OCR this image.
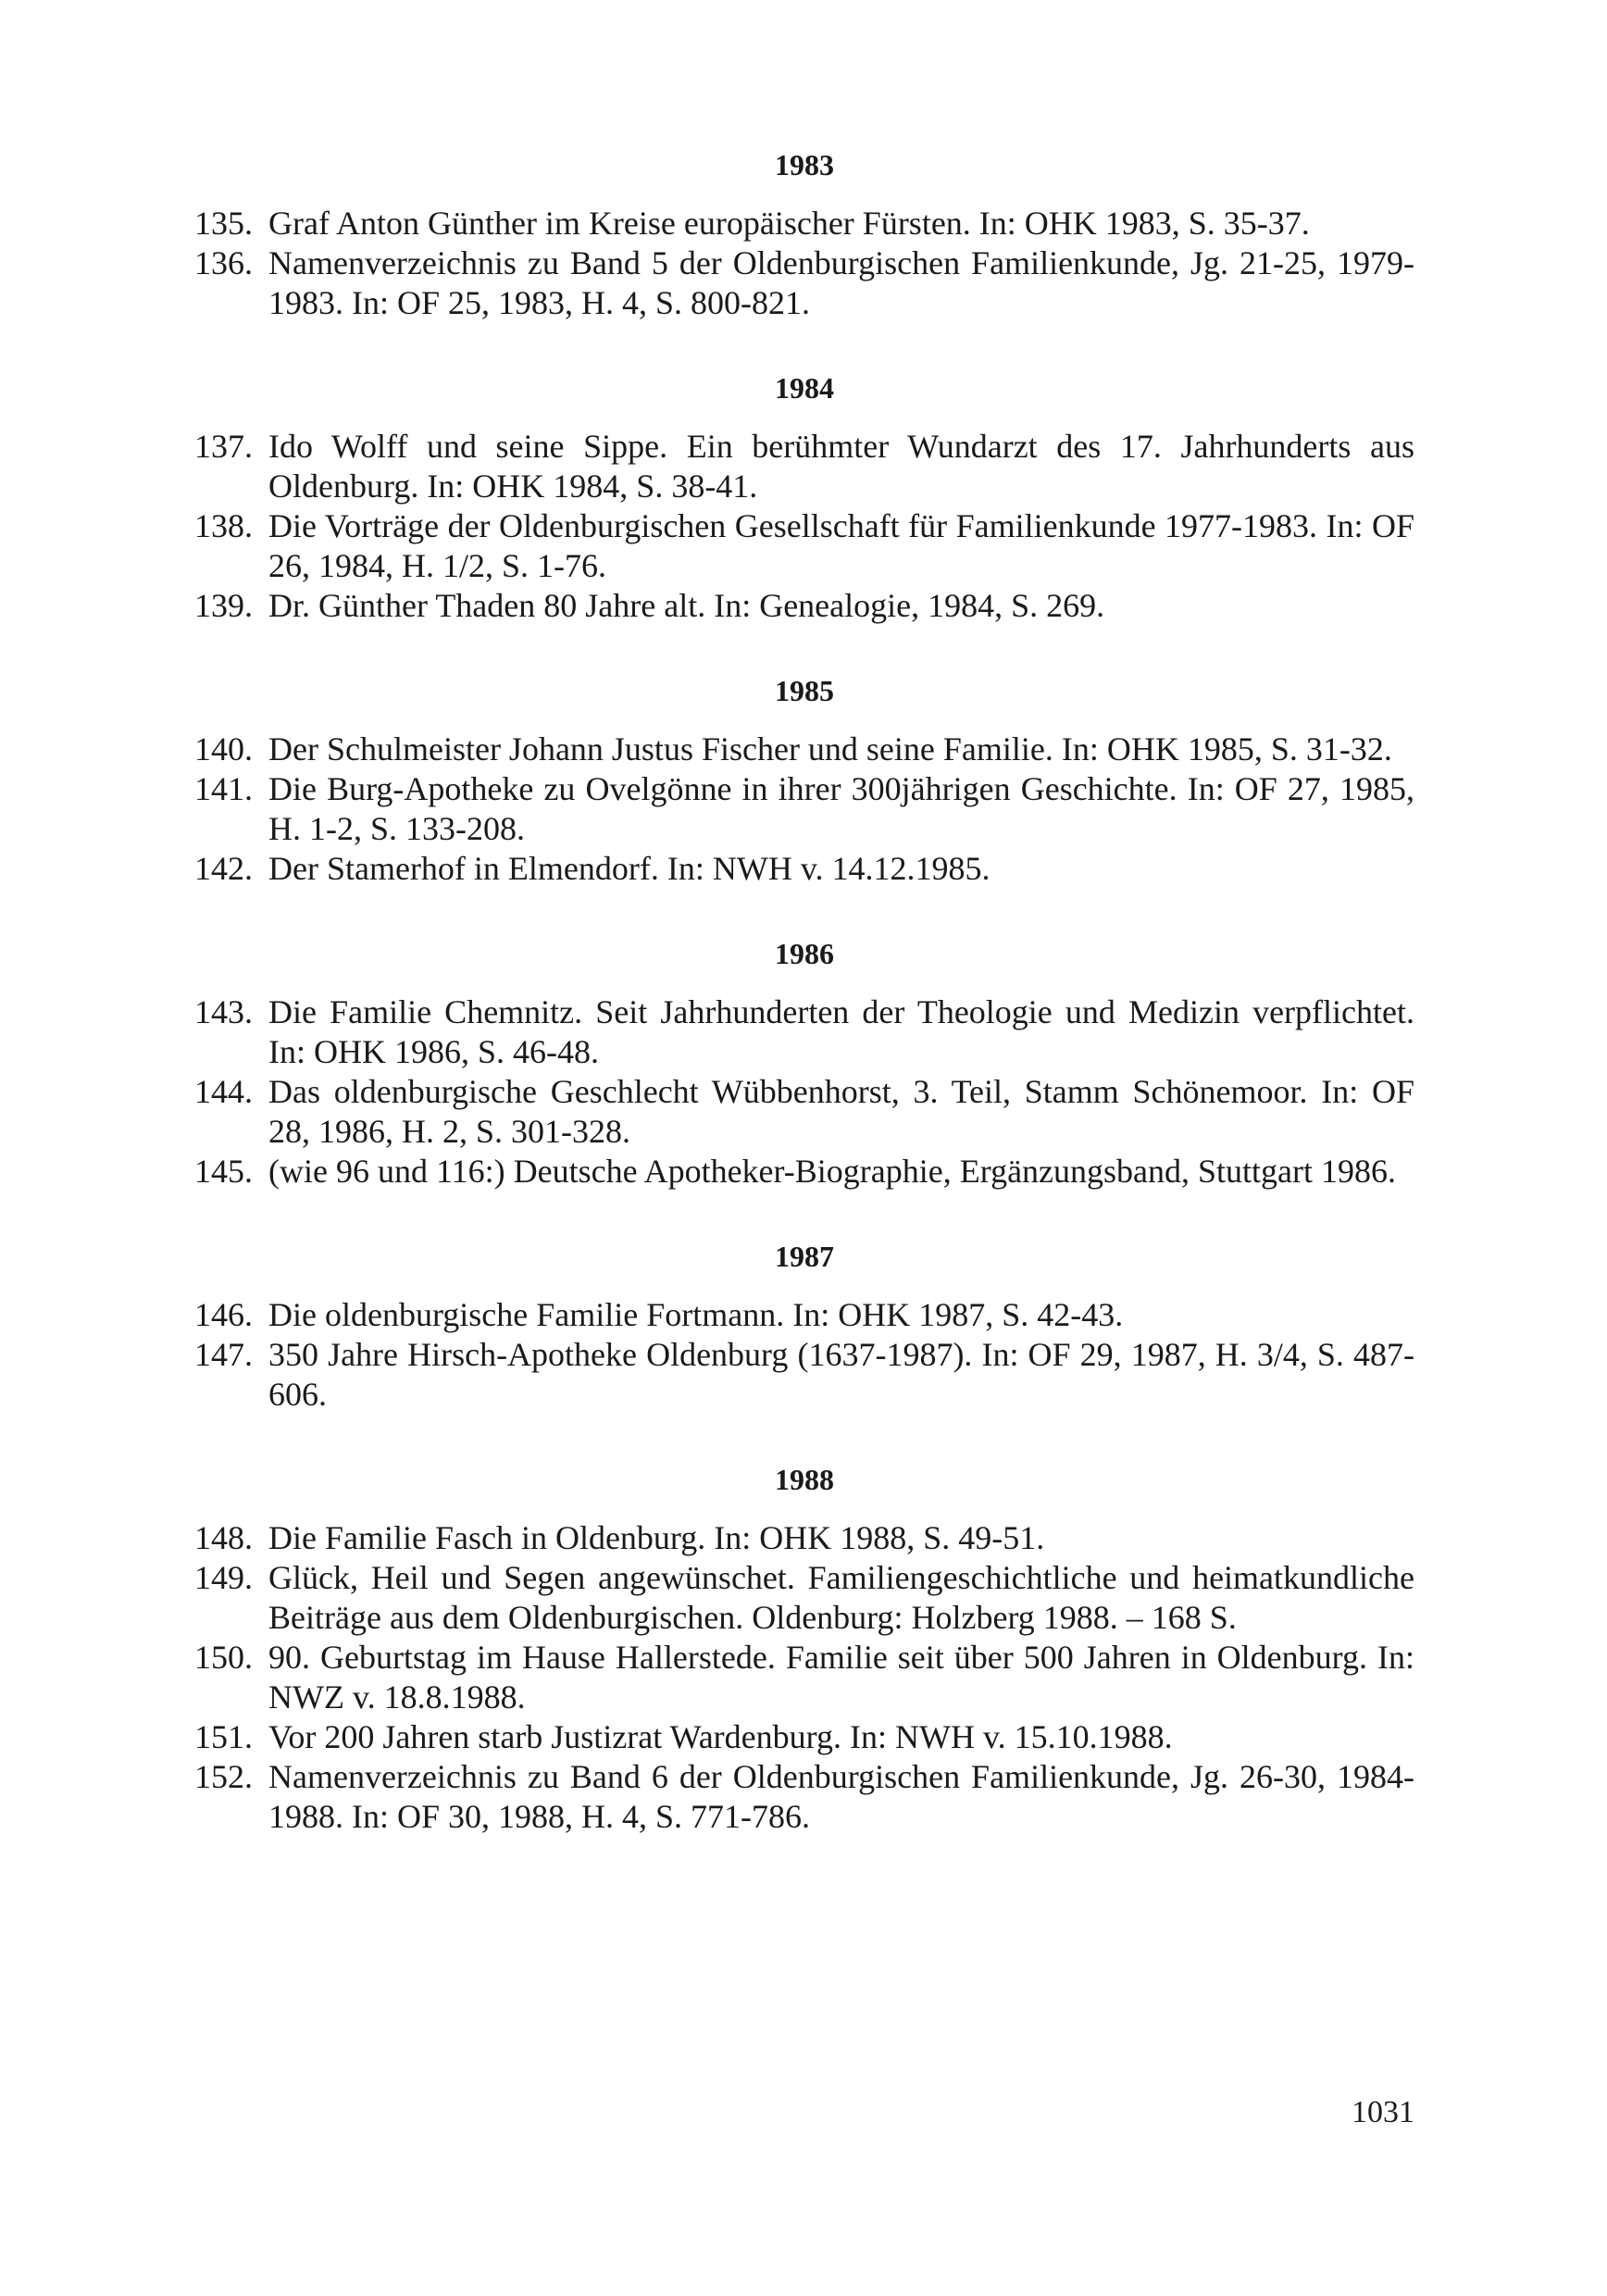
1983
135. Graf Anton Günther im Kreise europäischer Fürsten. In: OHK 1983, S. 35-37.
136. Namenverzeichnis zu Band 5 der Oldenburgischen Familienkunde, Jg. 21-25, 1979-1983. In: OF 25, 1983, H. 4, S. 800-821.
1984
137. Ido Wolff und seine Sippe. Ein berühmter Wundarzt des 17. Jahrhunderts aus Oldenburg. In: OHK 1984, S. 38-41.
138. Die Vorträge der Oldenburgischen Gesellschaft für Familienkunde 1977-1983. In: OF 26, 1984, H. 1/2, S. 1-76.
139. Dr. Günther Thaden 80 Jahre alt. In: Genealogie, 1984, S. 269.
1985
140. Der Schulmeister Johann Justus Fischer und seine Familie. In: OHK 1985, S. 31-32.
141. Die Burg-Apotheke zu Ovelgönne in ihrer 300jährigen Geschichte. In: OF 27, 1985, H. 1-2, S. 133-208.
142. Der Stamerhof in Elmendorf. In: NWH v. 14.12.1985.
1986
143. Die Familie Chemnitz. Seit Jahrhunderten der Theologie und Medizin verpflichtet. In: OHK 1986, S. 46-48.
144. Das oldenburgische Geschlecht Wübbenhorst, 3. Teil, Stamm Schönemoor. In: OF 28, 1986, H. 2, S. 301-328.
145. (wie 96 und 116:) Deutsche Apotheker-Biographie, Ergänzungsband, Stuttgart 1986.
1987
146. Die oldenburgische Familie Fortmann. In: OHK 1987, S. 42-43.
147. 350 Jahre Hirsch-Apotheke Oldenburg (1637-1987). In: OF 29, 1987, H. 3/4, S. 487-606.
1988
148. Die Familie Fasch in Oldenburg. In: OHK 1988, S. 49-51.
149. Glück, Heil und Segen angewünschet. Familiengeschichtliche und heimatkundliche Beiträge aus dem Oldenburgischen. Oldenburg: Holzberg 1988. – 168 S.
150. 90. Geburtstag im Hause Hallerstede. Familie seit über 500 Jahren in Oldenburg. In: NWZ v. 18.8.1988.
151. Vor 200 Jahren starb Justizrat Wardenburg. In: NWH v. 15.10.1988.
152. Namenverzeichnis zu Band 6 der Oldenburgischen Familienkunde, Jg. 26-30, 1984-1988. In: OF 30, 1988, H. 4, S. 771-786.
1031
